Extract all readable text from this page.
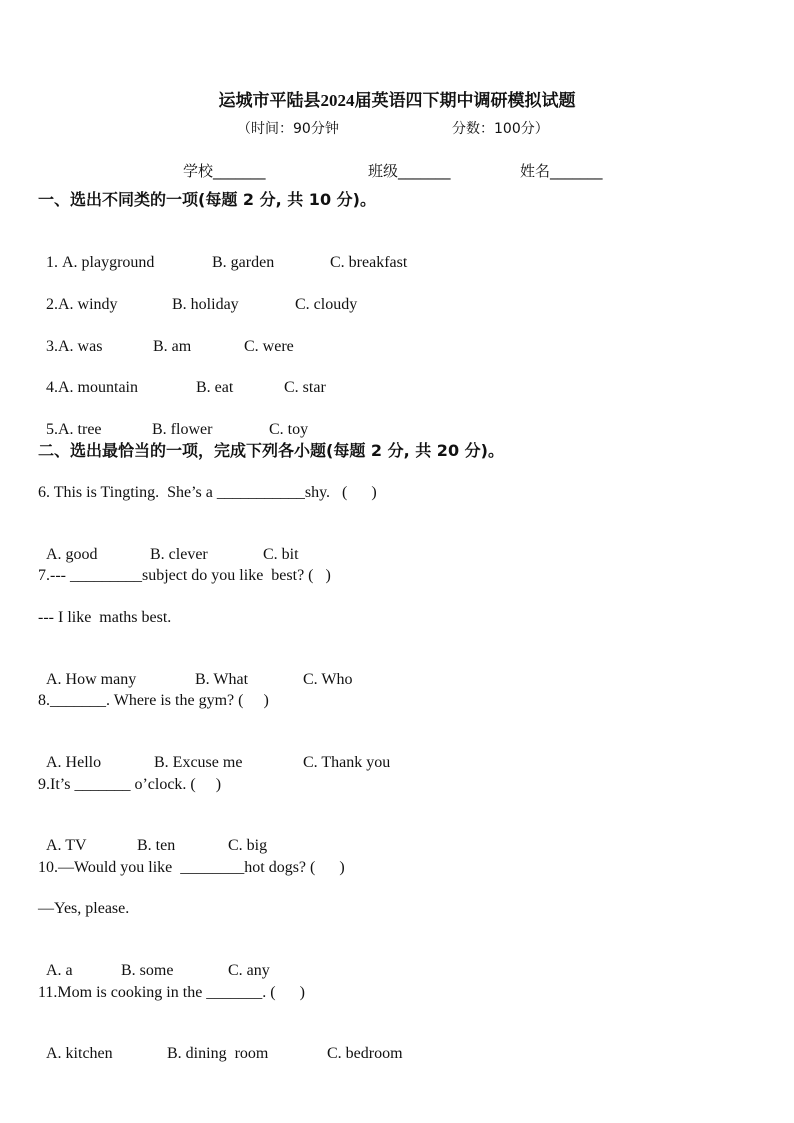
运城市平陆县2024届英语四下期中调研模拟试题
（时间：90分钟	分数：100分）
学校_______	班级_______	姓名_______
一、选出不同类的一项(每题 2 分, 共 10 分)。

1. A. playground	B. garden	C. breakfast

2.A. windy	B. holiday	C. cloudy

3.A. was	B. am	C. were

4.A. mountain	B. eat	C. star

5.A. tree	B. flower	C. toy

二、选出最恰当的一项，完成下列各小题(每题 2 分, 共 20 分)。
6. This is Tingting.  She’s a ___________shy.   (      )

A. good	B. clever	C. bit

7.--- _________subject do you like  best? (   )
--- I like  maths best.

A. How many	B. What	C. Who

8._______. Where is the gym? (     )

A. Hello	B. Excuse me	C. Thank you

9.It’s _______ o’clock. (     )

A. TV	B. ten	C. big

10.—Would you like  ________hot dogs? (      )
—Yes, please.

A. a	B. some	C. any

11.Mom is cooking in the _______. (      )

A. kitchen	B. dining  room	C. bedroom
